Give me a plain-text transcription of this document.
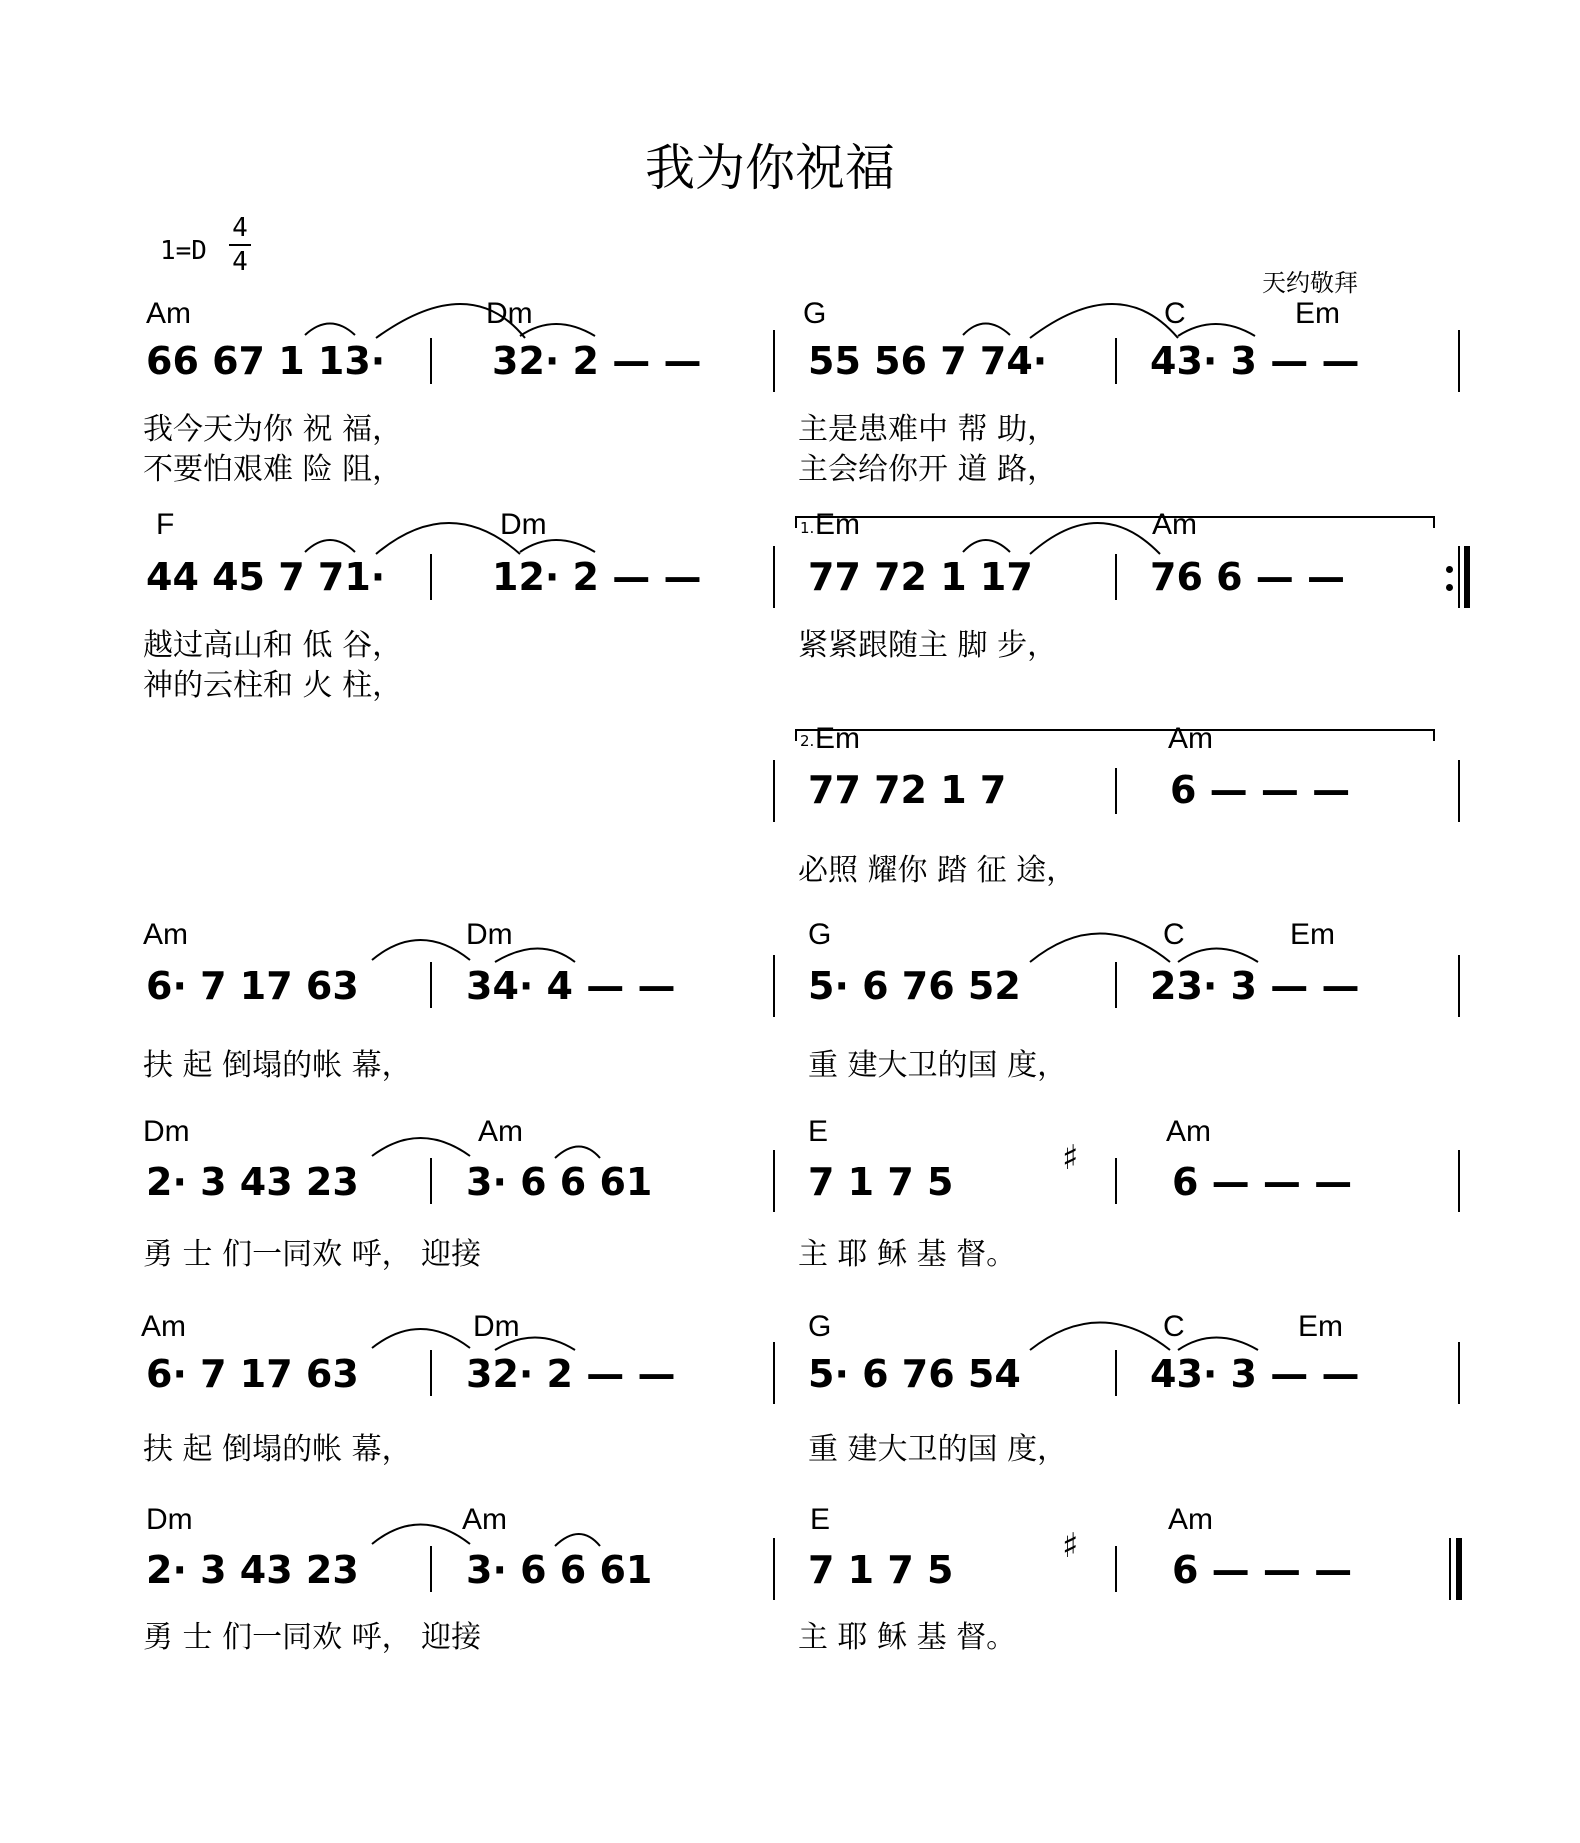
我为你祝福
1=D
4
4
天约敬拜
Am	Dm	G	C	Em
66 67 1 13·	32· 2 — —	55 56 7 74·	43· 3 — —
我今天为你 祝 福，
不要怕艰难 险 阻，
主是患难中 帮 助，
主会给你开 道 路，
F	Dm	1. Em	Am
44 45 7 71·	12· 2 — —	77 72 1 17	76 6 — —
越过高山和 低 谷，
神的云柱和 火 柱，
紧紧跟随主 脚 步，
2. Em	Am
77 72 1 7	6 — — —
必照 耀你 踏 征 途，
Am	Dm	G	C	Em
6· 7 17 63	34· 4 — —	5· 6 76 52	23· 3 — —
扶 起 倒塌的帐 幕，	重 建大卫的国 度，
Dm	Am	E	Am
2· 3 43 23	3· 6 6 61	7 1 7 5
♯
6 — — —
勇 士 们一同欢 呼， 迎接	主 耶 稣 基 督。
Am	Dm	G	C	Em
6· 7 17 63	32· 2 — —	5· 6 76 54	43· 3 — —
扶 起 倒塌的帐 幕，	重 建大卫的国 度，
Dm	Am	E	Am
2· 3 43 23	3· 6 6 61	7 1 7 5
♯
6 — — —
勇 士 们一同欢 呼， 迎接	主 耶 稣 基 督。
